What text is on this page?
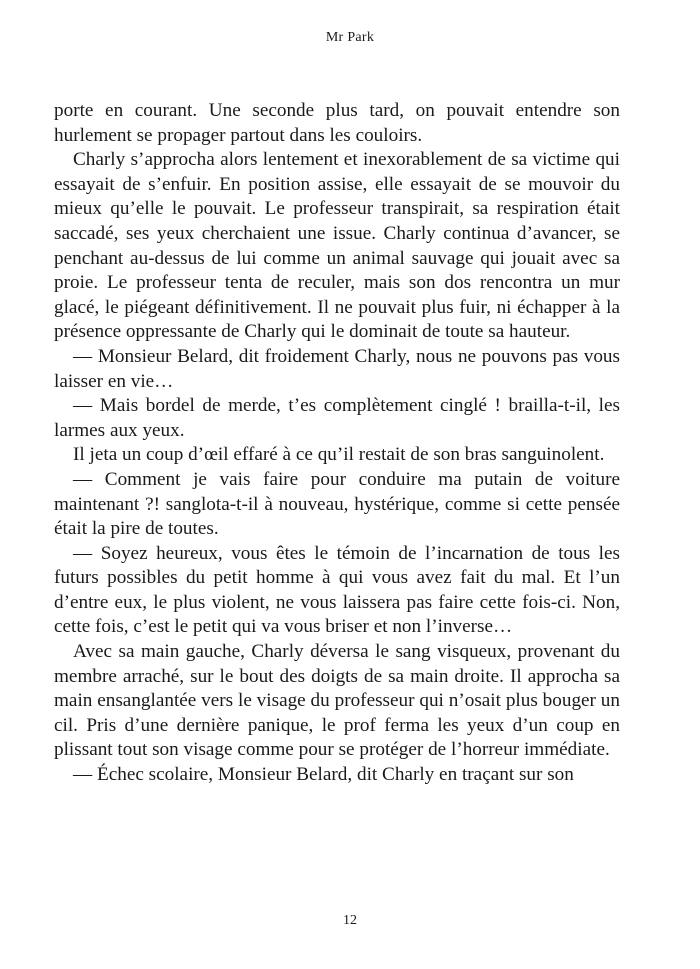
Mr Park

porte en courant. Une seconde plus tard, on pouvait entendre son hurlement se propager partout dans les couloirs.

Charly s’approcha alors lentement et inexorablement de sa victime qui essayait de s’enfuir. En position assise, elle essayait de se mouvoir du mieux qu’elle le pouvait. Le professeur transpirait, sa respiration était saccadé, ses yeux cherchaient une issue. Charly continua d’avancer, se penchant au-dessus de lui comme un animal sauvage qui jouait avec sa proie. Le professeur tenta de reculer, mais son dos rencontra un mur glacé, le piégeant définitivement. Il ne pouvait plus fuir, ni échapper à la présence oppressante de Charly qui le dominait de toute sa hauteur.

— Monsieur Belard, dit froidement Charly, nous ne pouvons pas vous laisser en vie…

— Mais bordel de merde, t’es complètement cinglé ! brailla-t-il, les larmes aux yeux.

Il jeta un coup d’œil effaré à ce qu’il restait de son bras sanguinolent.

— Comment je vais faire pour conduire ma putain de voiture maintenant ?! sanglota-t-il à nouveau, hystérique, comme si cette pensée était la pire de toutes.

— Soyez heureux, vous êtes le témoin de l’incarnation de tous les futurs possibles du petit homme à qui vous avez fait du mal. Et l’un d’entre eux, le plus violent, ne vous laissera pas faire cette fois-ci. Non, cette fois, c’est le petit qui va vous briser et non l’inverse…

Avec sa main gauche, Charly déversa le sang visqueux, provenant du membre arraché, sur le bout des doigts de sa main droite. Il approcha sa main ensanglantée vers le visage du professeur qui n’osait plus bouger un cil. Pris d’une dernière panique, le prof ferma les yeux d’un coup en plissant tout son visage comme pour se protéger de l’horreur immédiate.

— Échec scolaire, Monsieur Belard, dit Charly en traçant sur son

12
